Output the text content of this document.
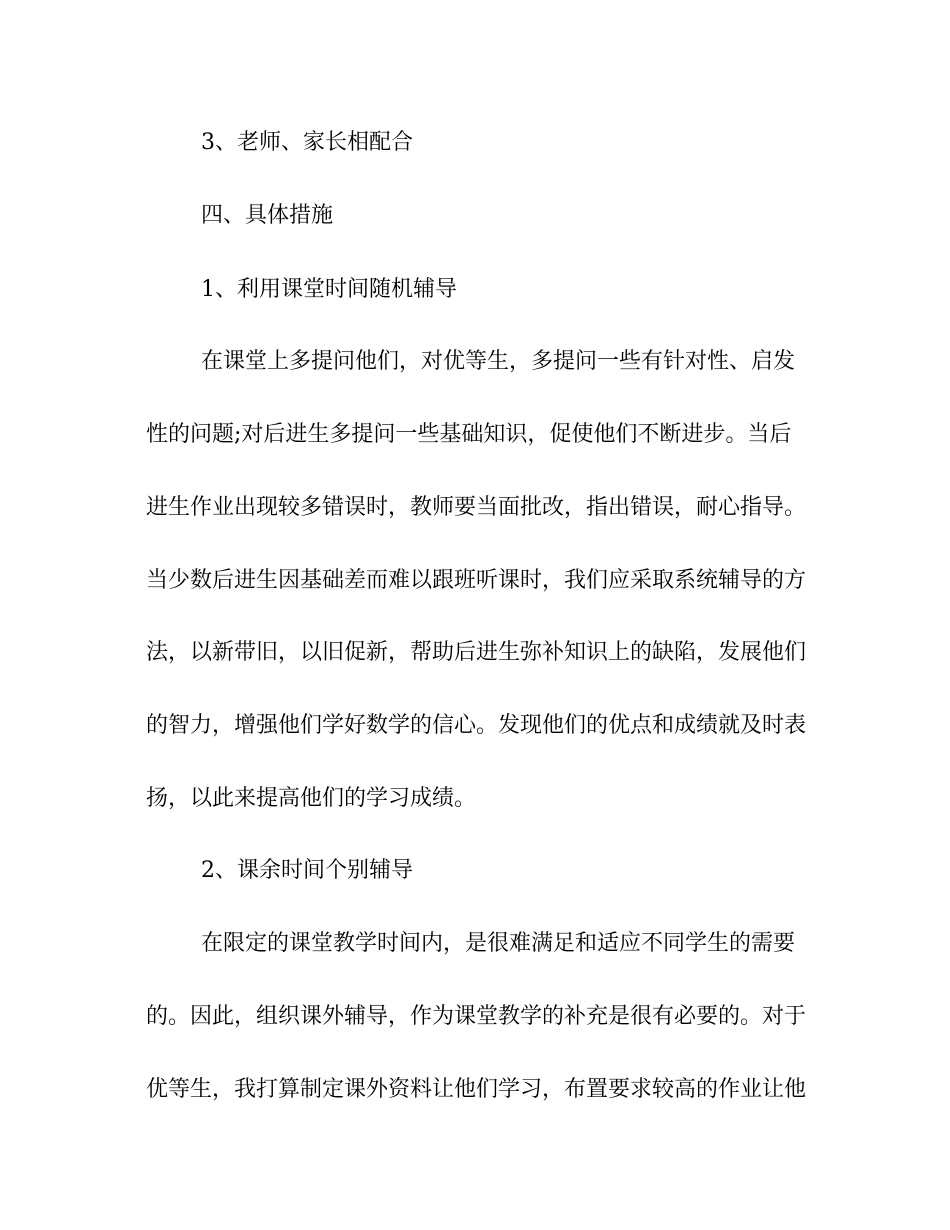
3、老师、家长相配合
四、具体措施
1、利用课堂时间随机辅导
在课堂上多提问他们，对优等生，多提问一些有针对性、启发
性的问题;对后进生多提问一些基础知识，促使他们不断进步。当后
进生作业出现较多错误时，教师要当面批改，指出错误，耐心指导。
当少数后进生因基础差而难以跟班听课时，我们应采取系统辅导的方
法，以新带旧，以旧促新，帮助后进生弥补知识上的缺陷，发展他们
的智力，增强他们学好数学的信心。发现他们的优点和成绩就及时表
扬，以此来提高他们的学习成绩。
2、课余时间个别辅导
在限定的课堂教学时间内，是很难满足和适应不同学生的需要
的。因此，组织课外辅导，作为课堂教学的补充是很有必要的。对于
优等生，我打算制定课外资料让他们学习，布置要求较高的作业让他
